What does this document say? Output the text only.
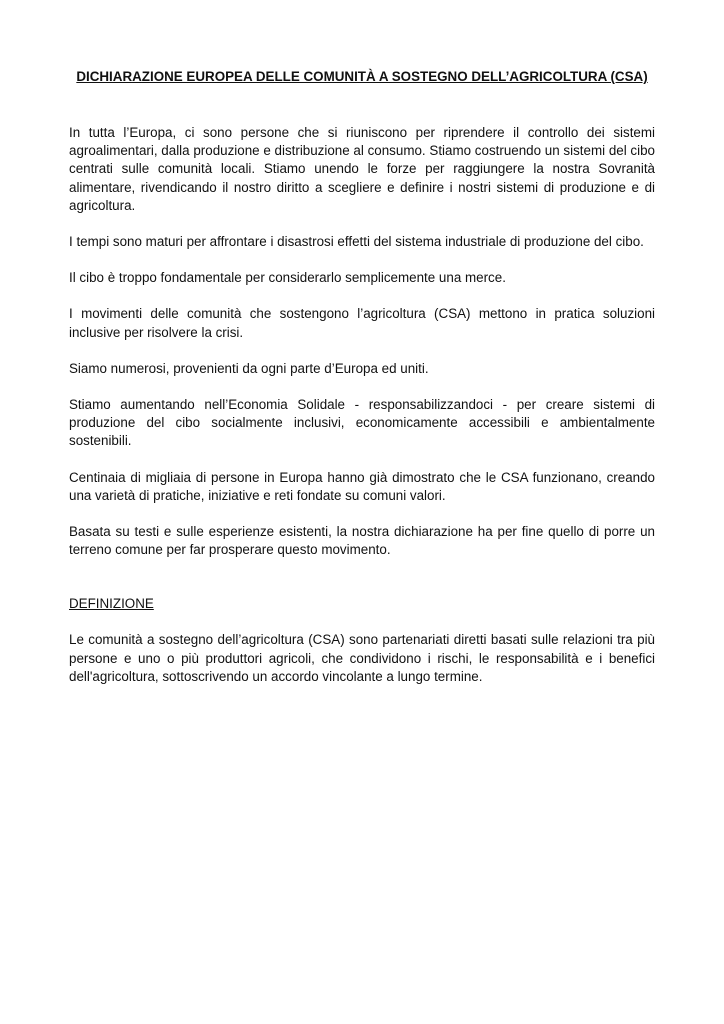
DICHIARAZIONE EUROPEA DELLE COMUNITÀ A SOSTEGNO DELL’AGRICOLTURA (CSA)

In tutta l’Europa, ci sono persone che si riuniscono per riprendere il controllo dei sistemi agroalimentari, dalla produzione e distribuzione al consumo. Stiamo costruendo un sistemi del cibo centrati sulle comunità locali. Stiamo unendo le forze per raggiungere la nostra Sovranità alimentare, rivendicando il nostro diritto a scegliere e definire i nostri sistemi di produzione e di agricoltura.

I tempi sono maturi per affrontare i disastrosi effetti del sistema industriale di produzione del cibo.

Il cibo è troppo fondamentale per considerarlo semplicemente una merce.

I movimenti delle comunità che sostengono l’agricoltura (CSA) mettono in pratica soluzioni inclusive per risolvere la crisi.

Siamo numerosi, provenienti da ogni parte d’Europa ed uniti.

Stiamo aumentando nell’Economia Solidale - responsabilizzandoci - per creare sistemi di produzione del cibo socialmente inclusivi, economicamente accessibili e ambientalmente sostenibili.

Centinaia di migliaia di persone in Europa hanno già dimostrato che le CSA funzionano, creando una varietà di pratiche, iniziative e reti fondate su comuni valori.

Basata su testi e sulle esperienze esistenti, la nostra dichiarazione ha per fine quello di porre un terreno comune per far prosperare questo movimento.

DEFINIZIONE

Le comunità a sostegno dell’agricoltura (CSA) sono partenariati diretti basati sulle relazioni tra più persone e uno o più produttori agricoli, che condividono i rischi, le responsabilità e i benefici dell'agricoltura, sottoscrivendo un accordo vincolante a lungo termine.
